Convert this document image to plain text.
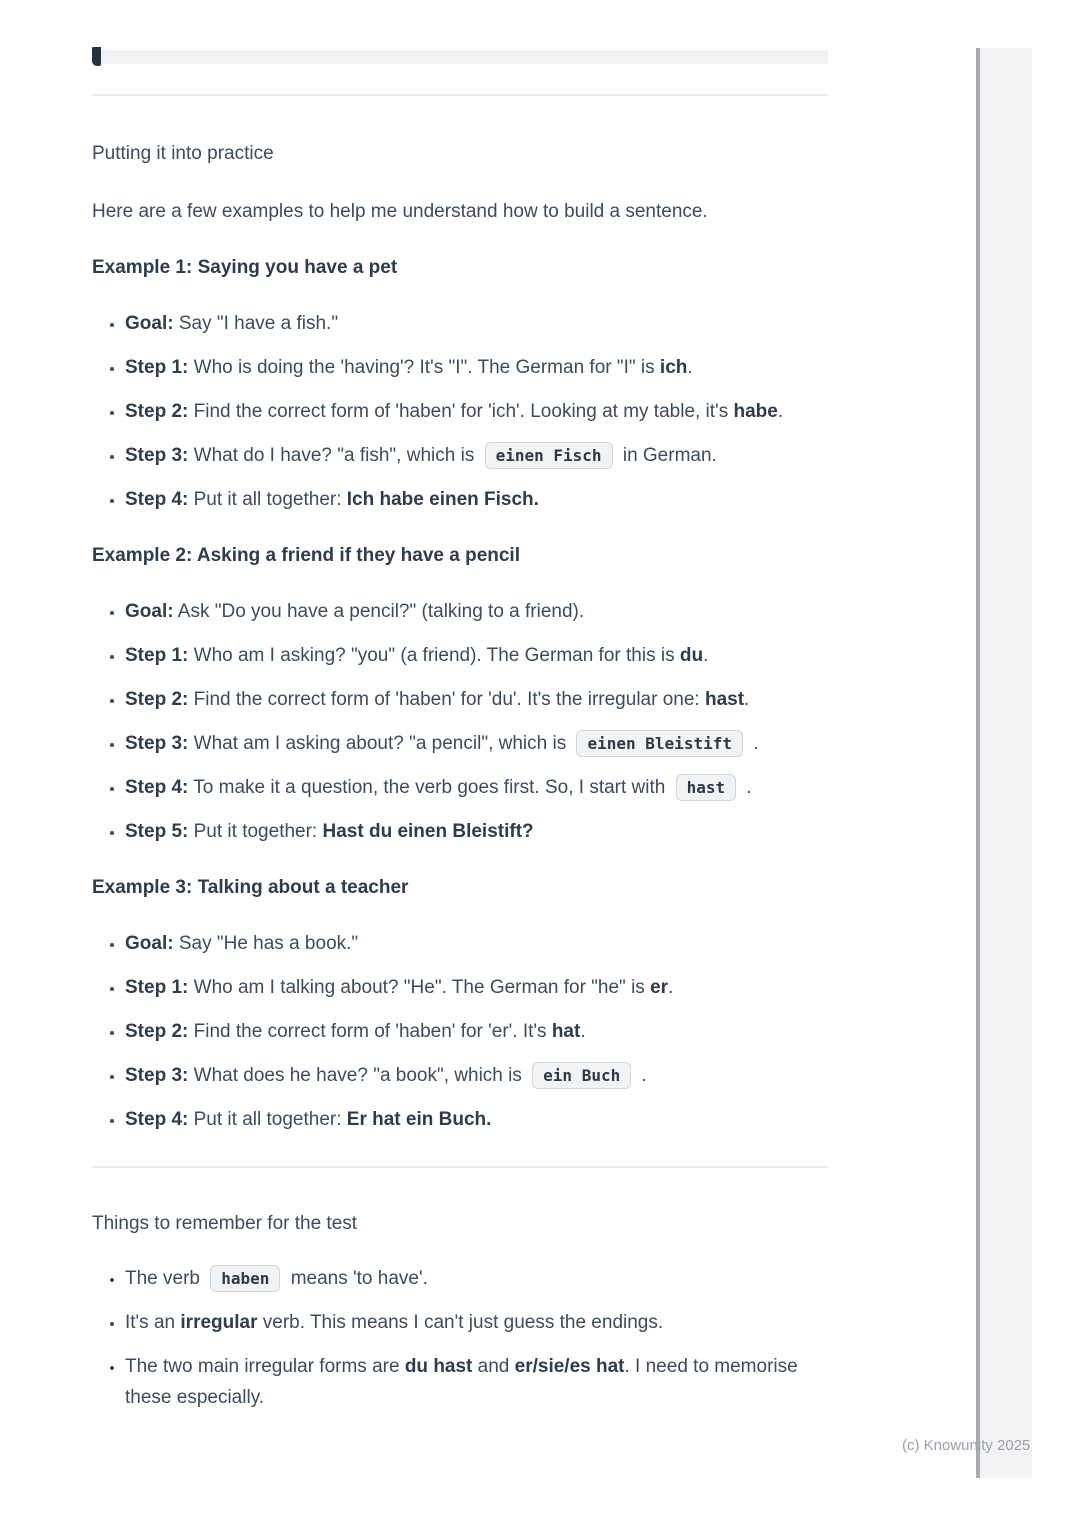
Putting it into practice

Here are a few examples to help me understand how to build a sentence.

Example 1: Saying you have a pet

• Goal: Say "I have a fish."
• Step 1: Who is doing the 'having'? It's "I". The German for "I" is ich.
• Step 2: Find the correct form of 'haben' for 'ich'. Looking at my table, it's habe.
• Step 3: What do I have? "a fish", which is einen Fisch in German.
• Step 4: Put it all together: Ich habe einen Fisch.

Example 2: Asking a friend if they have a pencil

• Goal: Ask "Do you have a pencil?" (talking to a friend).
• Step 1: Who am I asking? "you" (a friend). The German for this is du.
• Step 2: Find the correct form of 'haben' for 'du'. It's the irregular one: hast.
• Step 3: What am I asking about? "a pencil", which is einen Bleistift .
• Step 4: To make it a question, the verb goes first. So, I start with hast .
• Step 5: Put it together: Hast du einen Bleistift?

Example 3: Talking about a teacher

• Goal: Say "He has a book."
• Step 1: Who am I talking about? "He". The German for "he" is er.
• Step 2: Find the correct form of 'haben' for 'er'. It's hat.
• Step 3: What does he have? "a book", which is ein Buch .
• Step 4: Put it all together: Er hat ein Buch.

Things to remember for the test

• The verb haben means 'to have'.
• It's an irregular verb. This means I can't just guess the endings.
• The two main irregular forms are du hast and er/sie/es hat. I need to memorise these especially.
(c) Knowunity 2025
